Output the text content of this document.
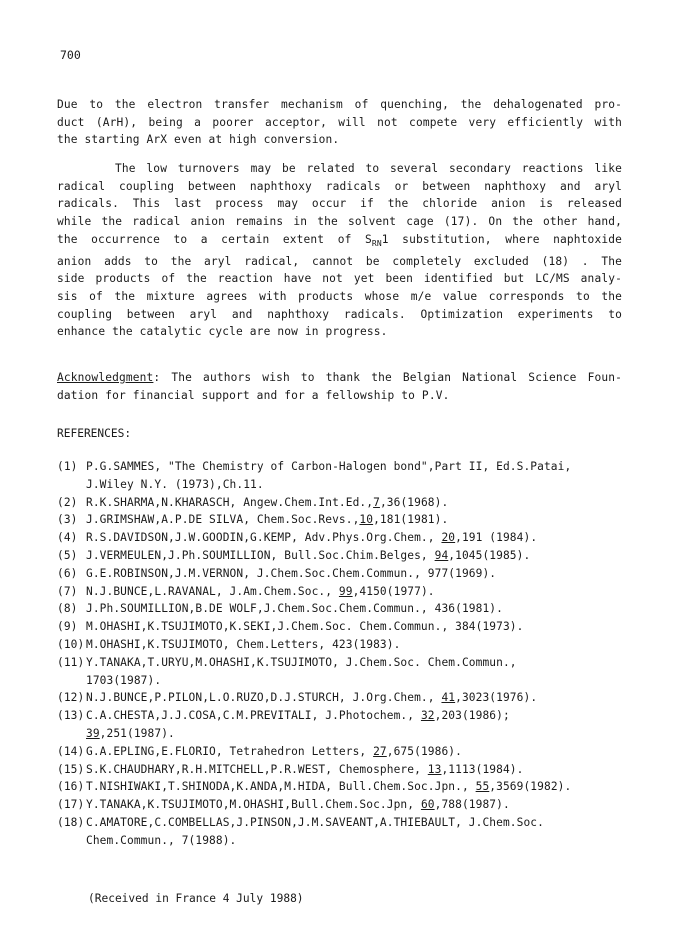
700
Due to the electron transfer mechanism of quenching, the dehalogenated pro-
duct (ArH), being a poorer acceptor, will not compete very efficiently with
the starting ArX even at high conversion.
The low turnovers may be related to several secondary reactions like
radical coupling between naphthoxy radicals or between naphthoxy and aryl
radicals. This last process may occur if the chloride anion is released
while the radical anion remains in the solvent cage (17). On the other hand,
the occurrence to a certain extent of $S_{RN}1$ substitution, where naphtoxide
anion adds to the aryl radical, cannot be completely excluded (18) . The
side products of the reaction have not yet been identified but LC/MS analy-
sis of the mixture agrees with products whose m/e value corresponds to the
coupling between aryl and naphthoxy radicals. Optimization experiments to
enhance the catalytic cycle are now in progress.
Acknowledgment: The authors wish to thank the Belgian National Science Foun-
dation for financial support and for a fellowship to P.V.
REFERENCES:
(1) P.G.SAMMES, "The Chemistry of Carbon-Halogen bond",Part II, Ed.S.Patai,
J.Wiley N.Y. (1973),Ch.11.
(2) R.K.SHARMA,N.KHARASCH, Angew.Chem.Int.Ed.,7,36(1968).
(3) J.GRIMSHAW,A.P.DE SILVA, Chem.Soc.Revs.,10,181(1981).
(4) R.S.DAVIDSON,J.W.GOODIN,G.KEMP, Adv.Phys.Org.Chem., 20,191 (1984).
(5) J.VERMEULEN,J.Ph.SOUMILLION, Bull.Soc.Chim.Belges, 94,1045(1985).
(6) G.E.ROBINSON,J.M.VERNON, J.Chem.Soc.Chem.Commun., 977(1969).
(7) N.J.BUNCE,L.RAVANAL, J.Am.Chem.Soc., 99,4150(1977).
(8) J.Ph.SOUMILLION,B.DE WOLF,J.Chem.Soc.Chem.Commun., 436(1981).
(9) M.OHASHI,K.TSUJIMOTO,K.SEKI,J.Chem.Soc. Chem.Commun., 384(1973).
(10) M.OHASHI,K.TSUJIMOTO, Chem.Letters, 423(1983).
(11) Y.TANAKA,T.URYU,M.OHASHI,K.TSUJIMOTO, J.Chem.Soc. Chem.Commun.,
1703(1987).
(12) N.J.BUNCE,P.PILON,L.O.RUZO,D.J.STURCH, J.Org.Chem., 41,3023(1976).
(13) C.A.CHESTA,J.J.COSA,C.M.PREVITALI, J.Photochem., 32,203(1986);
39,251(1987).
(14) G.A.EPLING,E.FLORIO, Tetrahedron Letters, 27,675(1986).
(15) S.K.CHAUDHARY,R.H.MITCHELL,P.R.WEST, Chemosphere, 13,1113(1984).
(16) T.NISHIWAKI,T.SHINODA,K.ANDA,M.HIDA, Bull.Chem.Soc.Jpn., 55,3569(1982).
(17) Y.TANAKA,K.TSUJIMOTO,M.OHASHI,Bull.Chem.Soc.Jpn, 60,788(1987).
(18) C.AMATORE,C.COMBELLAS,J.PINSON,J.M.SAVEANT,A.THIEBAULT, J.Chem.Soc.
Chem.Commun., 7(1988).
(Received in France 4 July 1988)
